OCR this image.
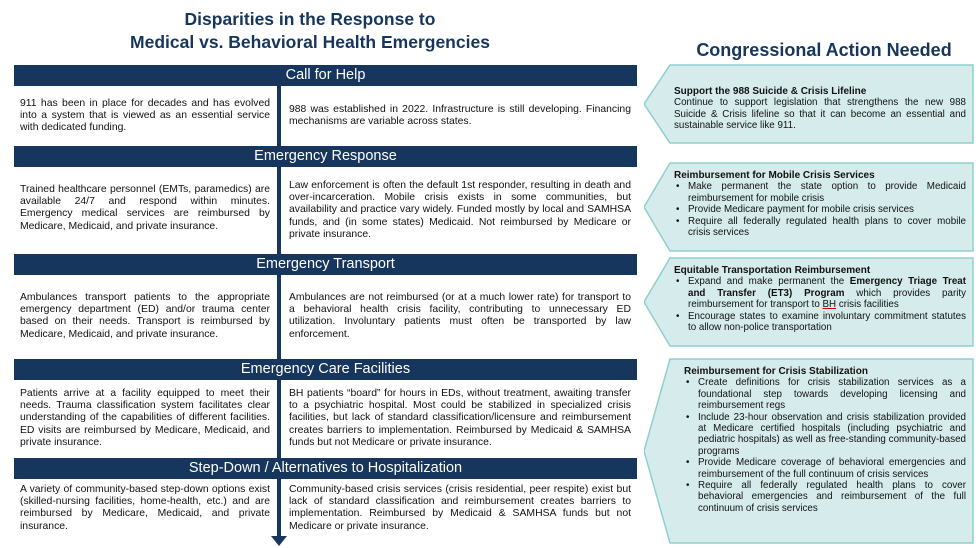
Disparities in the Response to
Medical vs. Behavioral Health Emergencies	Congressional Action Needed
Call for Help
911 has been in place for decades and has evolved into a system that is viewed as an essential service with dedicated funding.
988 was established in 2022. Infrastructure is still developing. Financing mechanisms are variable across states.
Emergency Response
Trained healthcare personnel (EMTs, paramedics) are available 24/7 and respond within minutes. Emergency medical services are reimbursed by Medicare, Medicaid, and private insurance.
Law enforcement is often the default 1st responder, resulting in death and over-incarceration. Mobile crisis exists in some communities, but availability and practice vary widely. Funded mostly by local and SAMHSA funds, and (in some states) Medicaid. Not reimbursed by Medicare or private insurance.
Emergency Transport
Ambulances transport patients to the appropriate emergency department (ED) and/or trauma center based on their needs. Transport is reimbursed by Medicare, Medicaid, and private insurance.
Ambulances are not reimbursed (or at a much lower rate) for transport to a behavioral health crisis facility, contributing to unnecessary ED utilization. Involuntary patients must often be transported by law enforcement.
Emergency Care Facilities
Patients arrive at a facility equipped to meet their needs. Trauma classification system facilitates clear understanding of the capabilities of different facilities. ED visits are reimbursed by Medicare, Medicaid, and private insurance.
BH patients “board” for hours in EDs, without treatment, awaiting transfer to a psychiatric hospital. Most could be stabilized in specialized crisis facilities, but lack of standard classification/licensure and reimbursement creates barriers to implementation. Reimbursed by Medicaid & SAMHSA funds but not Medicare or private insurance.
Step-Down / Alternatives to Hospitalization
A variety of community-based step-down options exist (skilled-nursing facilities, home-health, etc.) and are reimbursed by Medicare, Medicaid, and private insurance.
Community-based crisis services (crisis residential, peer respite) exist but lack of standard classification and reimbursement creates barriers to implementation. Reimbursed by Medicaid & SAMHSA funds but not Medicare or private insurance.
Support the 988 Suicide & Crisis Lifeline
Continue to support legislation that strengthens the new 988 Suicide & Crisis lifeline so that it can become an essential and sustainable service like 911.
Reimbursement for Mobile Crisis Services
• Make permanent the state option to provide Medicaid reimbursement for mobile crisis
• Provide Medicare payment for mobile crisis services
• Require all federally regulated health plans to cover mobile crisis services
Equitable Transportation Reimbursement
• Expand and make permanent the Emergency Triage Treat and Transfer (ET3) Program which provides parity reimbursement for transport to BH crisis facilities
• Encourage states to examine involuntary commitment statutes to allow non-police transportation
Reimbursement for Crisis Stabilization
• Create definitions for crisis stabilization services as a foundational step towards developing licensing and reimbursement regs
• Include 23-hour observation and crisis stabilization provided at Medicare certified hospitals (including psychiatric and pediatric hospitals) as well as free-standing community-based programs
• Provide Medicare coverage of behavioral emergencies and reimbursement of the full continuum of crisis services
• Require all federally regulated health plans to cover behavioral emergencies and reimbursement of the full continuum of crisis services
